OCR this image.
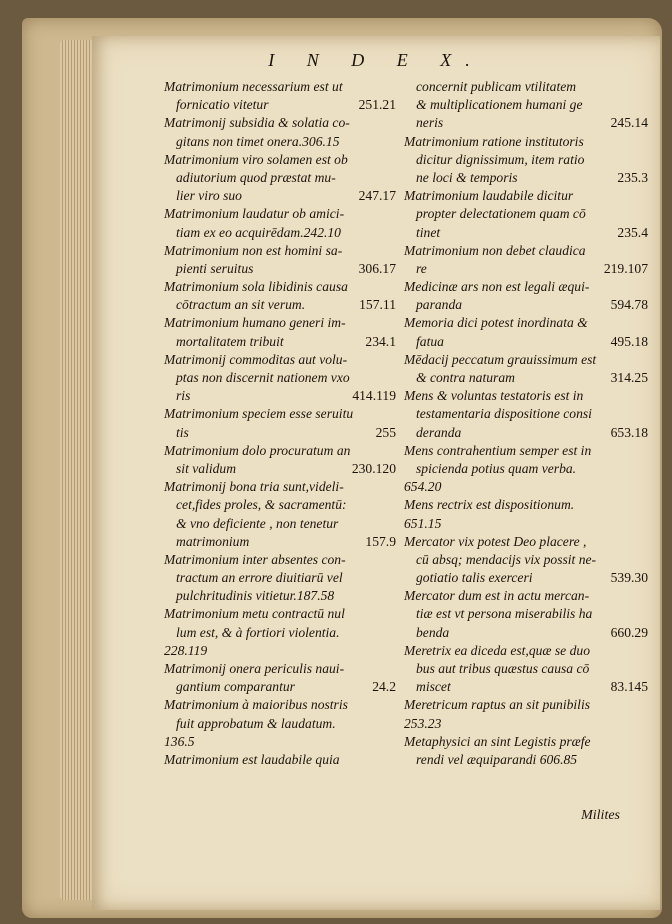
I N D E X.
Matrimonium necessarium est ut
251.21
fornicatio vitetur
Matrimonij subsidia & solatia co-
gitans non timet onera.306.15
Matrimonium viro solamen est ob
adiutorium quod præstat mu-
247.17
lier viro suo
Matrimonium laudatur ob amici-
tiam ex eo acquirēdam.242.10
Matrimonium non est homini sa-
306.17
pienti seruitus
Matrimonium sola libidinis causa
157.11
cōtractum an sit verum.
Matrimonium humano generi im-
234.1
mortalitatem tribuit
Matrimonij commoditas aut volu-
ptas non discernit nationem vxo
414.119
ris
Matrimonium speciem esse seruitu
255
tis
Matrimonium dolo procuratum an
230.120
sit validum
Matrimonij bona tria sunt,videli-
cet,fides proles, & sacramentū:
& vno deficiente , non tenetur
157.9
matrimonium
Matrimonium inter absentes con-
tractum an errore diuitiarū vel
pulchritudinis vitietur.187.58
Matrimonium metu contractū nul
lum est, & à fortiori violentia.
228.119
Matrimonij onera periculis naui-
24.2
gantium comparantur
Matrimonium à maioribus nostris
fuit approbatum & laudatum.
136.5
Matrimonium est laudabile quia
concernit publicam vtilitatem
& multiplicationem humani ge
245.14
neris
Matrimonium ratione institutoris
dicitur dignissimum, item ratio
235.3
ne loci & temporis
Matrimonium laudabile dicitur
propter delectationem quam cō
235.4
tinet
Matrimonium non debet claudica
219.107
re
Medicinæ ars non est legali æqui-
594.78
paranda
Memoria dici potest inordinata &
495.18
fatua
Mēdacij peccatum grauissimum est
314.25
& contra naturam
Mens & voluntas testatoris est in
testamentaria dispositione consi
653.18
deranda
Mens contrahentium semper est in
spicienda potius quam verba.
654.20
Mens rectrix est dispositionum.
651.15
Mercator vix potest Deo placere ,
cū absq; mendacijs vix possit ne-
539.30
gotiatio talis exerceri
Mercator dum est in actu mercan-
tiæ est vt persona miserabilis ha
660.29
benda
Meretrix ea diceda est,quæ se duo
bus aut tribus quæstus causa cō
83.145
miscet
Meretricum raptus an sit punibilis
253.23
Metaphysici an sint Legistis præfe
rendi vel æquiparandi 606.85
Milites
